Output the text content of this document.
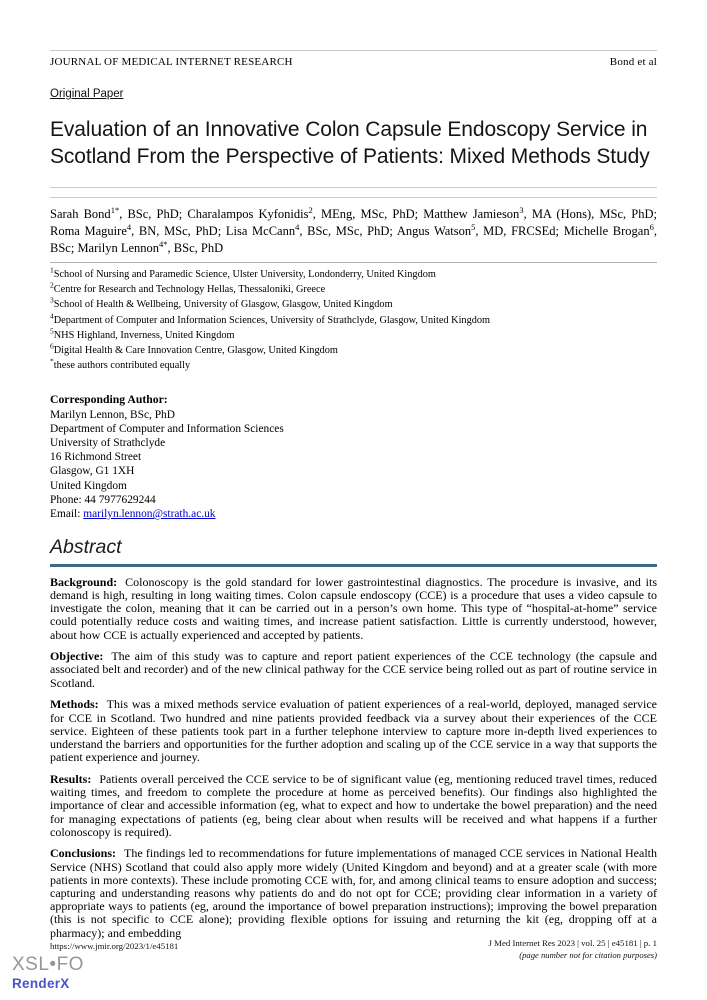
JOURNAL OF MEDICAL INTERNET RESEARCH	Bond et al
Original Paper
Evaluation of an Innovative Colon Capsule Endoscopy Service in Scotland From the Perspective of Patients: Mixed Methods Study
Sarah Bond$^{1*}$, BSc, PhD; Charalampos Kyfonidis$^2$, MEng, MSc, PhD; Matthew Jamieson$^3$, MA (Hons), MSc, PhD; Roma Maguire$^4$, BN, MSc, PhD; Lisa McCann$^4$, BSc, MSc, PhD; Angus Watson$^5$, MD, FRCSEd; Michelle Brogan$^6$, BSc; Marilyn Lennon$^{4*}$, BSc, PhD
$^1$School of Nursing and Paramedic Science, Ulster University, Londonderry, United Kingdom
$^2$Centre for Research and Technology Hellas, Thessaloniki, Greece
$^3$School of Health & Wellbeing, University of Glasgow, Glasgow, United Kingdom
$^4$Department of Computer and Information Sciences, University of Strathclyde, Glasgow, United Kingdom
$^5$NHS Highland, Inverness, United Kingdom
$^6$Digital Health & Care Innovation Centre, Glasgow, United Kingdom
*these authors contributed equally
Corresponding Author:
Marilyn Lennon, BSc, PhD
Department of Computer and Information Sciences
University of Strathclyde
16 Richmond Street
Glasgow, G1 1XH
United Kingdom
Phone: 44 7977629244
Email: marilyn.lennon@strath.ac.uk
Abstract

Background: Colonoscopy is the gold standard for lower gastrointestinal diagnostics. The procedure is invasive, and its demand is high, resulting in long waiting times. Colon capsule endoscopy (CCE) is a procedure that uses a video capsule to investigate the colon, meaning that it can be carried out in a person’s own home. This type of “hospital-at-home” service could potentially reduce costs and waiting times, and increase patient satisfaction. Little is currently understood, however, about how CCE is actually experienced and accepted by patients.

Objective: The aim of this study was to capture and report patient experiences of the CCE technology (the capsule and associated belt and recorder) and of the new clinical pathway for the CCE service being rolled out as part of routine service in Scotland.

Methods: This was a mixed methods service evaluation of patient experiences of a real-world, deployed, managed service for CCE in Scotland. Two hundred and nine patients provided feedback via a survey about their experiences of the CCE service. Eighteen of these patients took part in a further telephone interview to capture more in-depth lived experiences to understand the barriers and opportunities for the further adoption and scaling up of the CCE service in a way that supports the patient experience and journey.

Results: Patients overall perceived the CCE service to be of significant value (eg, mentioning reduced travel times, reduced waiting times, and freedom to complete the procedure at home as perceived benefits). Our findings also highlighted the importance of clear and accessible information (eg, what to expect and how to undertake the bowel preparation) and the need for managing expectations of patients (eg, being clear about when results will be received and what happens if a further colonoscopy is required).

Conclusions: The findings led to recommendations for future implementations of managed CCE services in National Health Service (NHS) Scotland that could also apply more widely (United Kingdom and beyond) and at a greater scale (with more patients in more contexts). These include promoting CCE with, for, and among clinical teams to ensure adoption and success; capturing and understanding reasons why patients do and do not opt for CCE; providing clear information in a variety of appropriate ways to patients (eg, around the importance of bowel preparation instructions); improving the bowel preparation (this is not specific to CCE alone); providing flexible options for issuing and returning the kit (eg, dropping off at a pharmacy); and embedding

https://www.jmir.org/2023/1/e45181	J Med Internet Res 2023 | vol. 25 | e45181 | p. 1
(page number not for citation purposes)
XSL•FO
RenderX
